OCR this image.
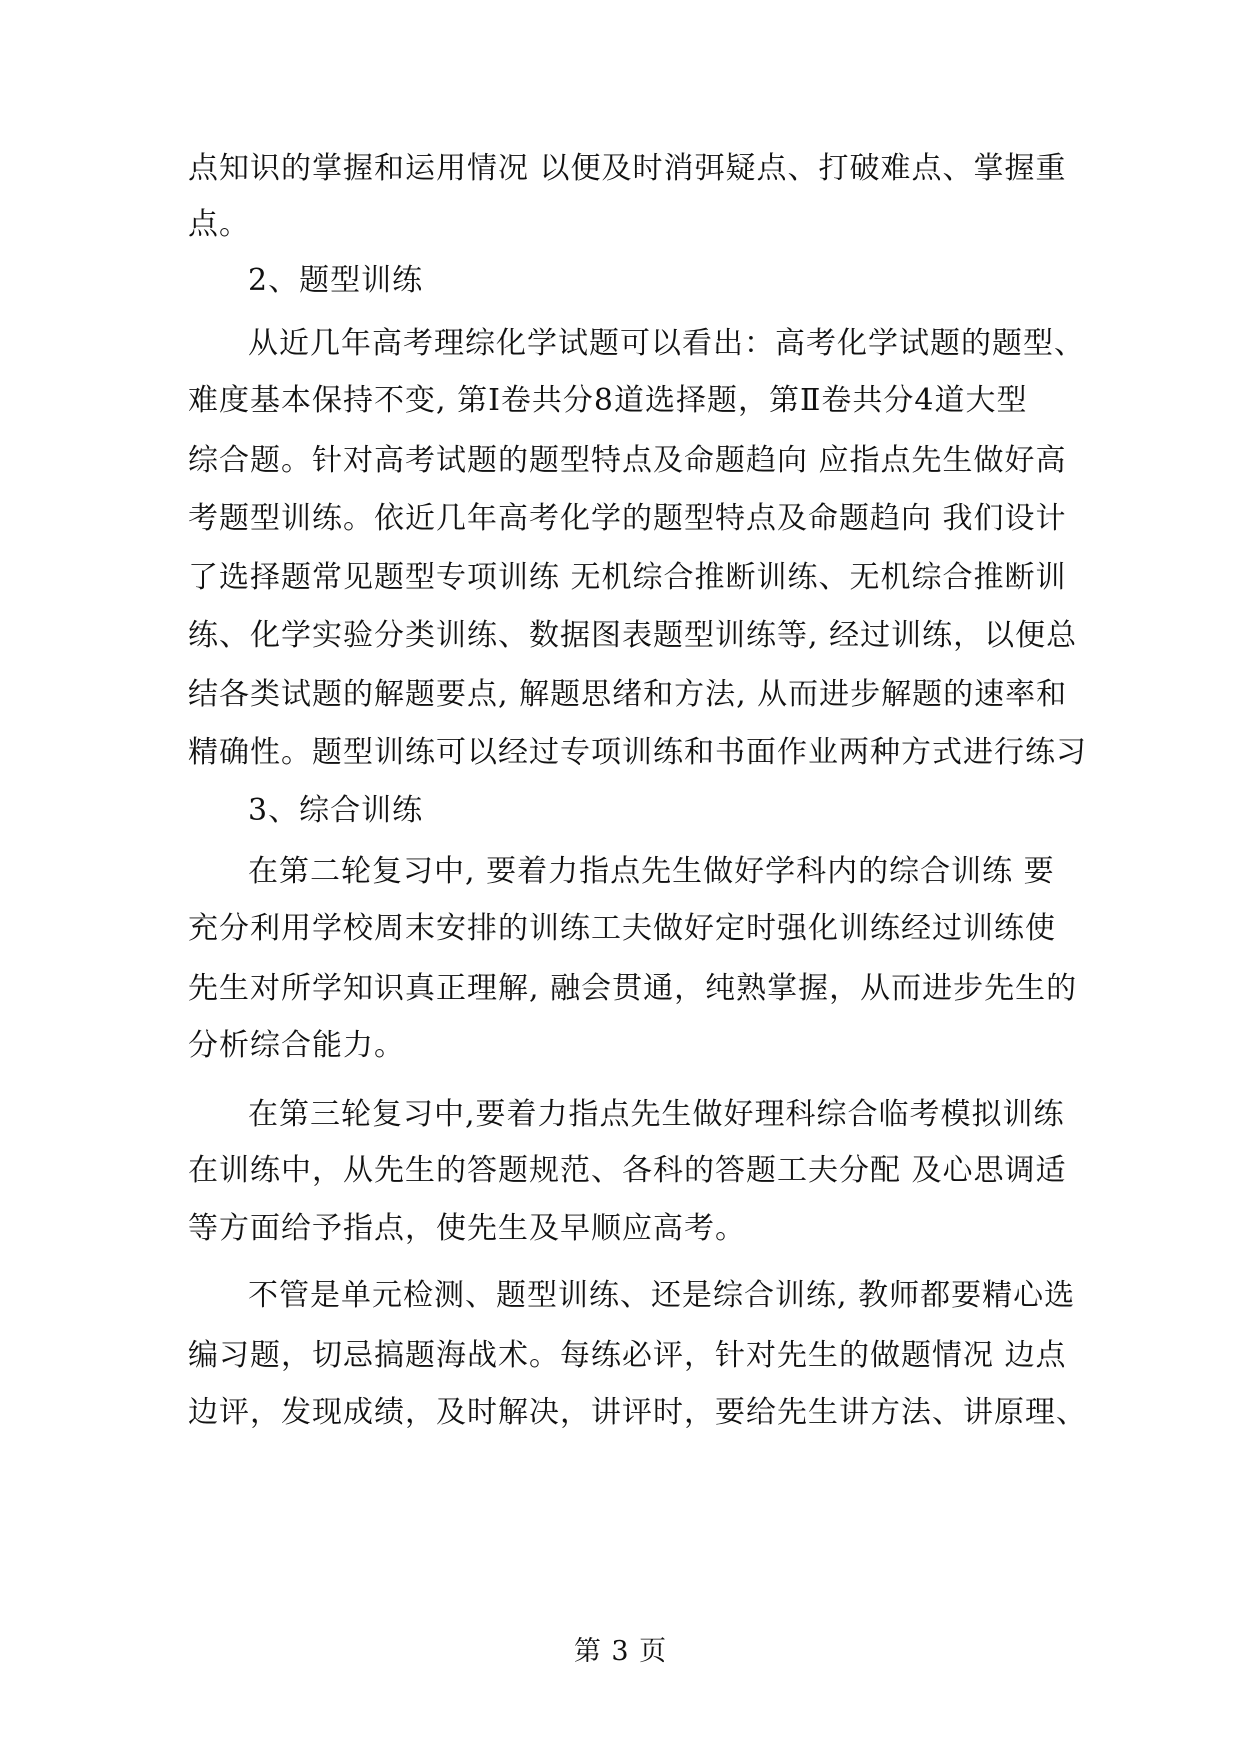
点知识的掌握和运用情况 以便及时消弭疑点、打破难点、掌握重
点。
2、题型训练
从近几年高考理综化学试题可以看出：高考化学试题的题型、
难度基本保持不变, 第Ⅰ卷共分8道选择题，第Ⅱ卷共分4道大型
综合题。针对高考试题的题型特点及命题趋向 应指点先生做好高
考题型训练。依近几年高考化学的题型特点及命题趋向 我们设计
了选择题常见题型专项训练 无机综合推断训练、无机综合推断训
练、化学实验分类训练、数据图表题型训练等, 经过训练，以便总
结各类试题的解题要点, 解题思绪和方法, 从而进步解题的速率和
精确性。题型训练可以经过专项训练和书面作业两种方式进行练习
3、综合训练
在第二轮复习中, 要着力指点先生做好学科内的综合训练 要
充分利用学校周末安排的训练工夫做好定时强化训练经过训练使
先生对所学知识真正理解, 融会贯通，纯熟掌握，从而进步先生的
分析综合能力。
在第三轮复习中,要着力指点先生做好理科综合临考模拟训练
在训练中，从先生的答题规范、各科的答题工夫分配 及心思调适
等方面给予指点，使先生及早顺应高考。
不管是单元检测、题型训练、还是综合训练, 教师都要精心选
编习题，切忌搞题海战术。每练必评，针对先生的做题情况 边点
边评，发现成绩，及时解决，讲评时，要给先生讲方法、讲原理、
第 3 页
